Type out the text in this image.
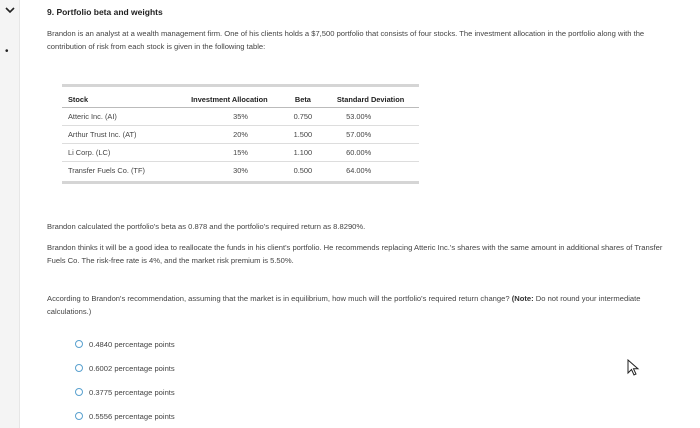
•
9. Portfolio beta and weights
Brandon is an analyst at a wealth management firm. One of his clients holds a $7,500 portfolio that consists of four stocks. The investment allocation in the portfolio along with the contribution of risk from each stock is given in the following table:
Stock	Investment Allocation	Beta	Standard Deviation
Atteric Inc. (AI)	35%	0.750	53.00%
Arthur Trust Inc. (AT)	20%	1.500	57.00%
Li Corp. (LC)	15%	1.100	60.00%
Transfer Fuels Co. (TF)	30%	0.500	64.00%
Brandon calculated the portfolio's beta as 0.878 and the portfolio's required return as 8.8290%.
Brandon thinks it will be a good idea to reallocate the funds in his client's portfolio. He recommends replacing Atteric Inc.'s shares with the same amount in additional shares of Transfer Fuels Co. The risk-free rate is 4%, and the market risk premium is 5.50%.
According to Brandon's recommendation, assuming that the market is in equilibrium, how much will the portfolio's required return change? (Note: Do not round your intermediate calculations.)
0.4840 percentage points
0.6002 percentage points
0.3775 percentage points
0.5556 percentage points
